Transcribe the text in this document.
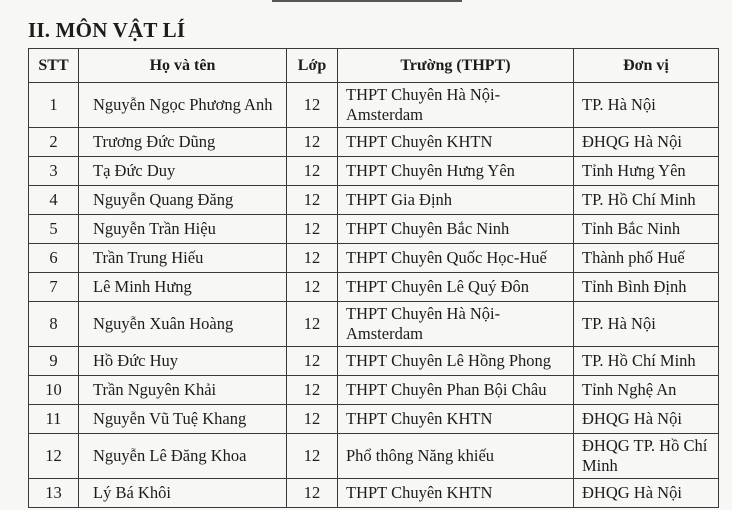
II. MÔN VẬT LÍ
STT	Họ và tên	Lớp	Trường (THPT)	Đơn vị
1	Nguyễn Ngọc Phương Anh	12	THPT Chuyên Hà Nội-Amsterdam	TP. Hà Nội
2	Trương Đức Dũng	12	THPT Chuyên KHTN	ĐHQG Hà Nội
3	Tạ Đức Duy	12	THPT Chuyên Hưng Yên	Tỉnh Hưng Yên
4	Nguyễn Quang Đăng	12	THPT Gia Định	TP. Hồ Chí Minh
5	Nguyễn Trần Hiệu	12	THPT Chuyên Bắc Ninh	Tỉnh Bắc Ninh
6	Trần Trung Hiếu	12	THPT Chuyên Quốc Học-Huế	Thành phố Huế
7	Lê Minh Hưng	12	THPT Chuyên Lê Quý Đôn	Tỉnh Bình Định
8	Nguyễn Xuân Hoàng	12	THPT Chuyên Hà Nội-Amsterdam	TP. Hà Nội
9	Hồ Đức Huy	12	THPT Chuyên Lê Hồng Phong	TP. Hồ Chí Minh
10	Trần Nguyên Khải	12	THPT Chuyên Phan Bội Châu	Tỉnh Nghệ An
11	Nguyễn Vũ Tuệ Khang	12	THPT Chuyên KHTN	ĐHQG Hà Nội
12	Nguyễn Lê Đăng Khoa	12	Phổ thông Năng khiếu	ĐHQG TP. Hồ Chí Minh
13	Lý Bá Khôi	12	THPT Chuyên KHTN	ĐHQG Hà Nội
